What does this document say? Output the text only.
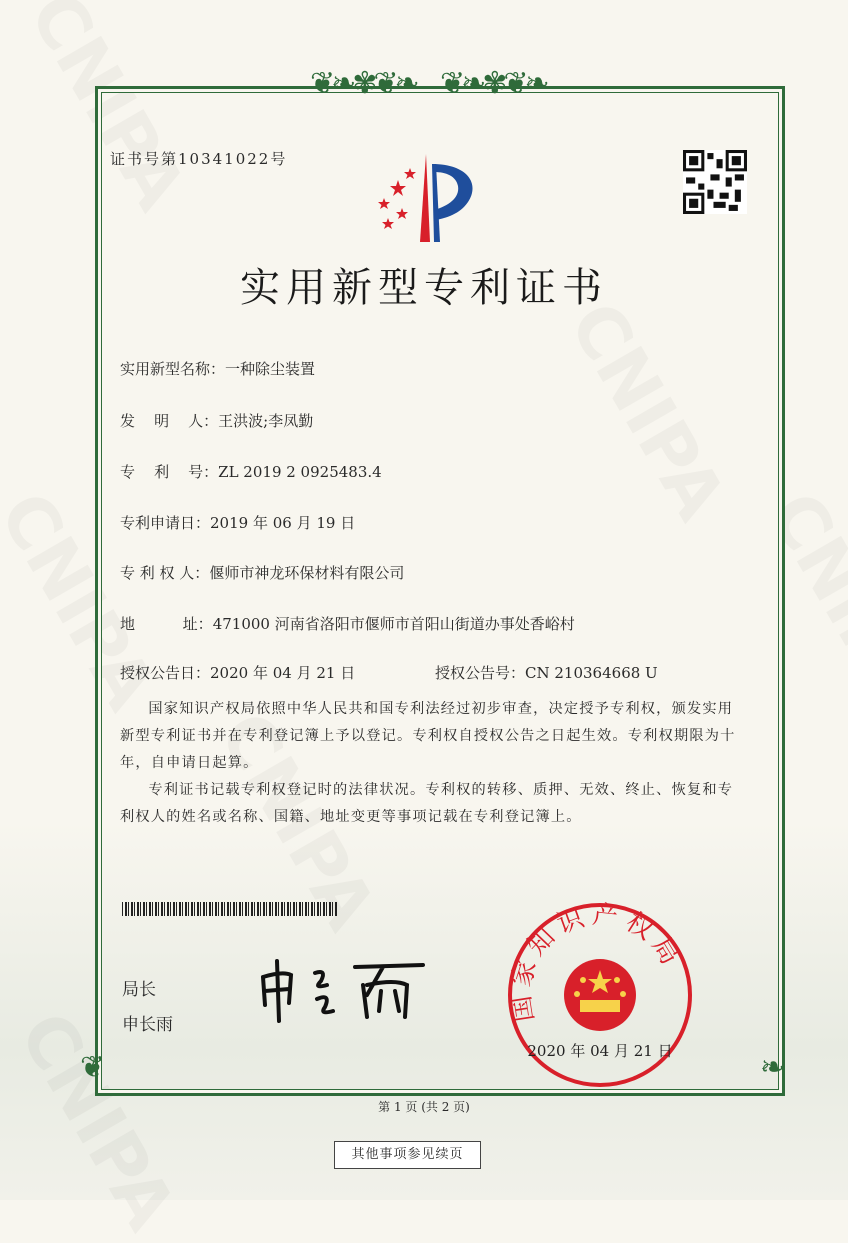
❦❧✾❦❧ ❦❧✾❦❧
❦	❧
证书号第10341022号
实用新型专利证书
实用新型名称：一种除尘装置
发    明    人：王洪波;李凤勤
专    利    号：ZL 2019 2 0925483.4
专利申请日：2019 年 06 月 19 日
专 利 权 人：偃师市神龙环保材料有限公司
地          址：471000 河南省洛阳市偃师市首阳山街道办事处香峪村
授权公告日：2020 年 04 月 21 日	授权公告号：CN 210364668 U

国家知识产权局依照中华人民共和国专利法经过初步审查，决定授予专利权，颁发实用新型专利证书并在专利登记簿上予以登记。专利权自授权公告之日起生效。专利权期限为十年，自申请日起算。

专利证书记载专利权登记时的法律状况。专利权的转移、质押、无效、终止、恢复和专利权人的姓名或名称、国籍、地址变更等事项记载在专利登记簿上。

局长
申长雨
国家知识产权局
2020 年 04 月 21 日
第 1 页 (共 2 页)
其他事项参见续页
